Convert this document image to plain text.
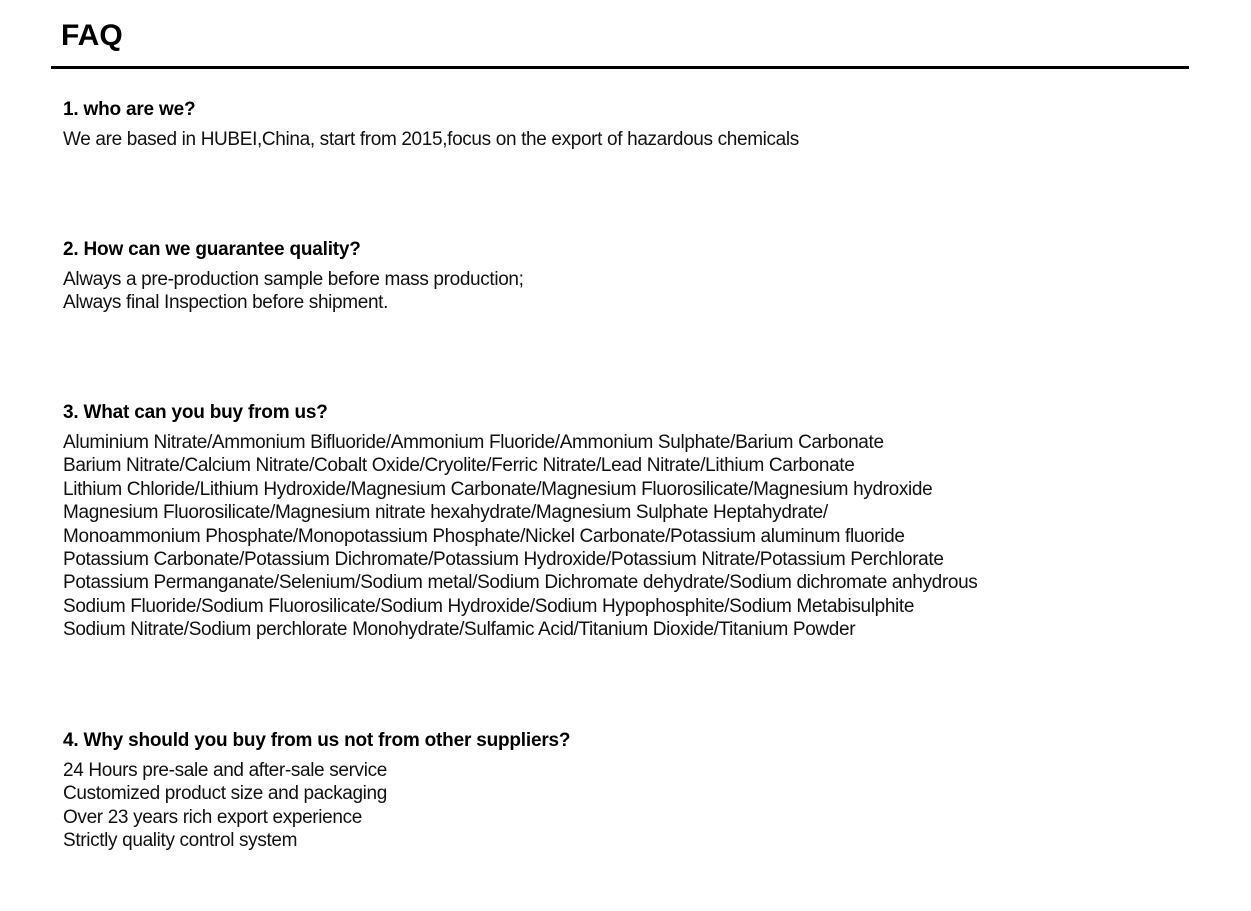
FAQ
1. who are we?
We are based in HUBEI,China, start from 2015,focus on the export of hazardous chemicals
2. How can we guarantee quality?
Always a pre-production sample before mass production;
Always final Inspection before shipment.
3. What can you buy from us?
Aluminium Nitrate/Ammonium Bifluoride/Ammonium Fluoride/Ammonium Sulphate/Barium Carbonate
Barium Nitrate/Calcium Nitrate/Cobalt Oxide/Cryolite/Ferric Nitrate/Lead Nitrate/Lithium Carbonate
Lithium Chloride/Lithium Hydroxide/Magnesium Carbonate/Magnesium Fluorosilicate/Magnesium hydroxide
Magnesium Fluorosilicate/Magnesium nitrate hexahydrate/Magnesium Sulphate Heptahydrate/
Monoammonium Phosphate/Monopotassium Phosphate/Nickel Carbonate/Potassium aluminum fluoride
Potassium Carbonate/Potassium Dichromate/Potassium Hydroxide/Potassium Nitrate/Potassium Perchlorate
Potassium Permanganate/Selenium/Sodium metal/Sodium Dichromate dehydrate/Sodium dichromate anhydrous
Sodium Fluoride/Sodium Fluorosilicate/Sodium Hydroxide/Sodium Hypophosphite/Sodium Metabisulphite
Sodium Nitrate/Sodium perchlorate Monohydrate/Sulfamic Acid/Titanium Dioxide/Titanium Powder
4. Why should you buy from us not from other suppliers?
24 Hours pre-sale and after-sale service
Customized product size and packaging
Over 23 years rich export experience
Strictly quality control system
